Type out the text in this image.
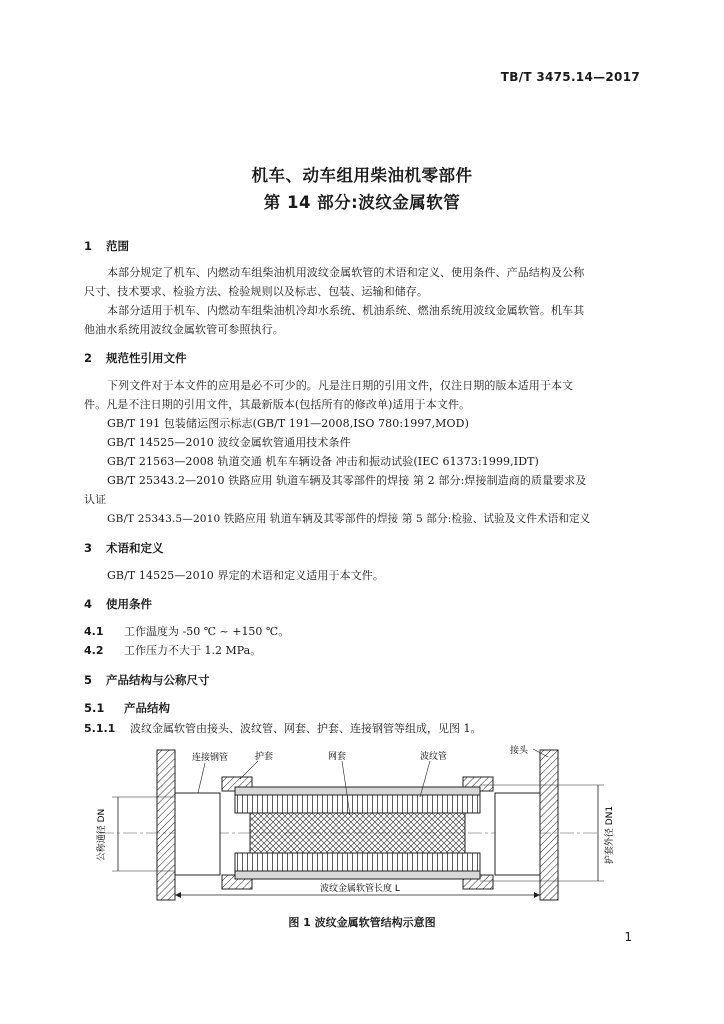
TB/T 3475.14—2017
机车、动车组用柴油机零部件
第 14 部分:波纹金属软管
1 范围
本部分规定了机车、内燃动车组柴油机用波纹金属软管的术语和定义、使用条件、产品结构及公称
尺寸、技术要求、检验方法、检验规则以及标志、包装、运输和储存。
本部分适用于机车、内燃动车组柴油机冷却水系统、机油系统、燃油系统用波纹金属软管。机车其
他油水系统用波纹金属软管可参照执行。
2 规范性引用文件
下列文件对于本文件的应用是必不可少的。凡是注日期的引用文件，仅注日期的版本适用于本文
件。凡是不注日期的引用文件，其最新版本(包括所有的修改单)适用于本文件。
GB/T 191 包装储运图示标志(GB/T 191—2008,ISO 780:1997,MOD)
GB/T 14525—2010 波纹金属软管通用技术条件
GB/T 21563—2008 轨道交通 机车车辆设备 冲击和振动试验(IEC 61373:1999,IDT)
GB/T 25343.2—2010 铁路应用 轨道车辆及其零部件的焊接 第 2 部分:焊接制造商的质量要求及
认证
GB/T 25343.5—2010 铁路应用 轨道车辆及其零部件的焊接 第 5 部分:检验、试验及文件术语和定义
3 术语和定义
GB/T 14525—2010 界定的术语和定义适用于本文件。
4 使用条件
4.1 工作温度为 -50 ℃ ~ +150 ℃。
4.2 工作压力不大于 1.2 MPa。
5 产品结构与公称尺寸
5.1 产品结构
5.1.1 波纹金属软管由接头、波纹管、网套、护套、连接钢管等组成，见图 1。
公称通径 DN	护套外径 DN1
波纹金属软管长度 L
连接钢管	护套	网套	波纹管
接头
图 1 波纹金属软管结构示意图
1
